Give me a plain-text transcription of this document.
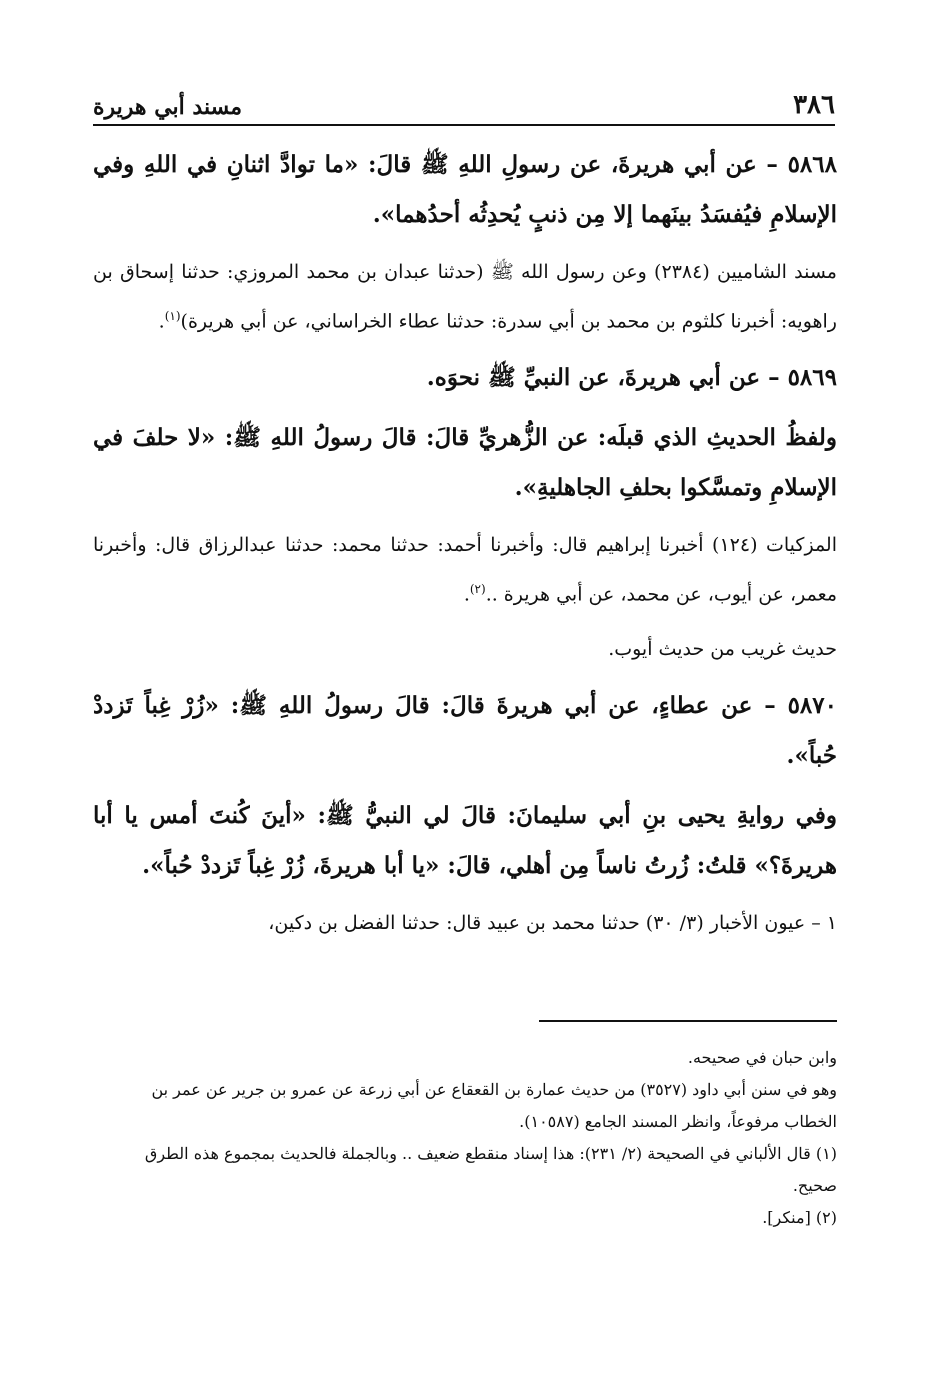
٣٨٦
مسند أبي هريرة

٥٨٦٨ – عن أبي هريرةَ، عن رسولِ اللهِ ﷺ قالَ: «ما توادَّ اثنانِ في اللهِ وفي الإسلامِ فيُفسَدُ بينَهما إلا مِن ذنبٍ يُحدِثُه أحدُهما».

مسند الشاميين (٢٣٨٤) وعن رسول الله ﷺ (حدثنا عبدان بن محمد المروزي: حدثنا إسحاق بن راهويه: أخبرنا كلثوم بن محمد بن أبي سدرة: حدثنا عطاء الخراساني، عن أبي هريرة)$^{(١)}$.

٥٨٦٩ – عن أبي هريرةَ، عن النبيِّ ﷺ نحوَه.

ولفظُ الحديثِ الذي قبلَه: عن الزُّهريِّ قالَ: قالَ رسولُ اللهِ ﷺ: «لا حلفَ في الإسلامِ وتمسَّكوا بحلفِ الجاهليةِ».

المزكيات (١٢٤) أخبرنا إبراهيم قال: وأخبرنا أحمد: حدثنا محمد: حدثنا عبدالرزاق قال: وأخبرنا معمر، عن أيوب، عن محمد، عن أبي هريرة ..$^{(٢)}$.

حديث غريب من حديث أيوب.

٥٨٧٠ – عن عطاءٍ، عن أبي هريرةَ قالَ: قالَ رسولُ اللهِ ﷺ: «زُرْ غِباً تَزددْ حُباً».

وفي روايةِ يحيى بنِ أبي سليمانَ: قالَ لي النبيُّ ﷺ: «أينَ كُنتَ أمس يا أبا هريرةَ؟» قلتُ: زُرتُ ناساً مِن أهلي، قالَ: «يا أبا هريرةَ، زُرْ غِباً تَزددْ حُباً».

١ – عيون الأخبار (٣/ ٣٠) حدثنا محمد بن عبيد قال: حدثنا الفضل بن دكين،

وابن حبان في صحيحه.

وهو في سنن أبي داود (٣٥٢٧) من حديث عمارة بن القعقاع عن أبي زرعة عن عمرو بن جرير عن عمر بن الخطاب مرفوعاً، وانظر المسند الجامع (١٠٥٨٧).

(١) قال الألباني في الصحيحة (٢/ ٢٣١): هذا إسناد منقطع ضعيف .. وبالجملة فالحديث بمجموع هذه الطرق صحيح.

(٢) [منكر].
